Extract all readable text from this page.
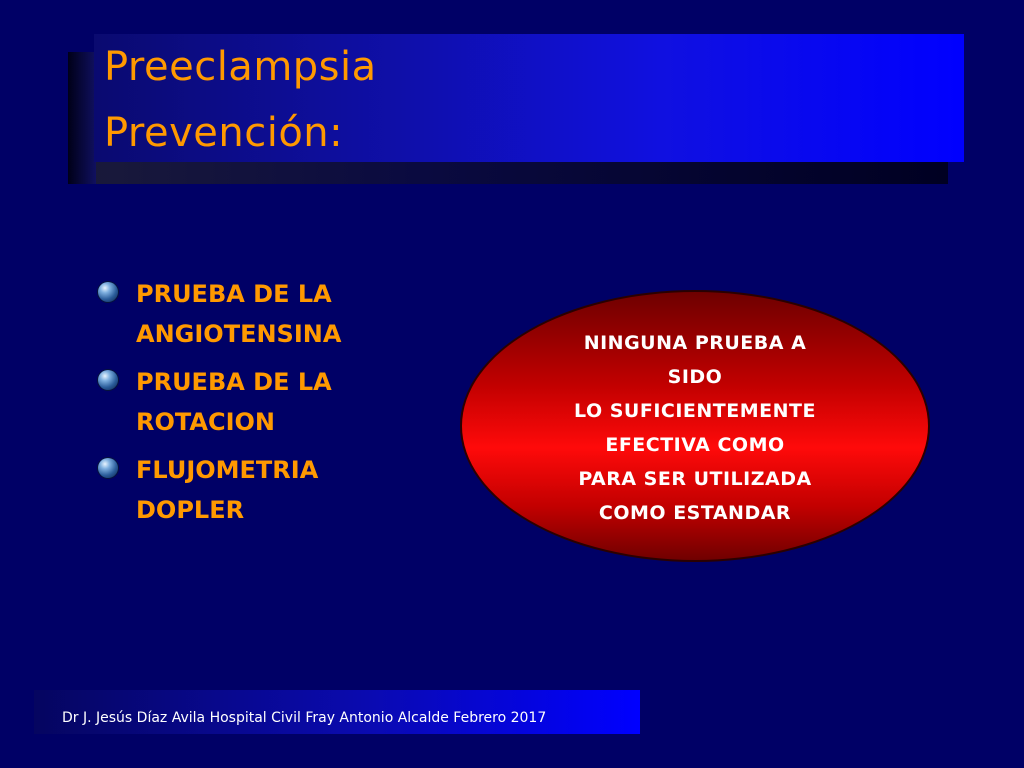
Preeclampsia
Prevención:
PRUEBA DE LA
ANGIOTENSINA
PRUEBA DE LA
ROTACION
FLUJOMETRIA
DOPLER
NINGUNA PRUEBA A
SIDO
LO SUFICIENTEMENTE
EFECTIVA COMO
PARA SER UTILIZADA
COMO ESTANDAR
Dr J. Jesús Díaz Avila Hospital Civil Fray Antonio Alcalde Febrero 2017
